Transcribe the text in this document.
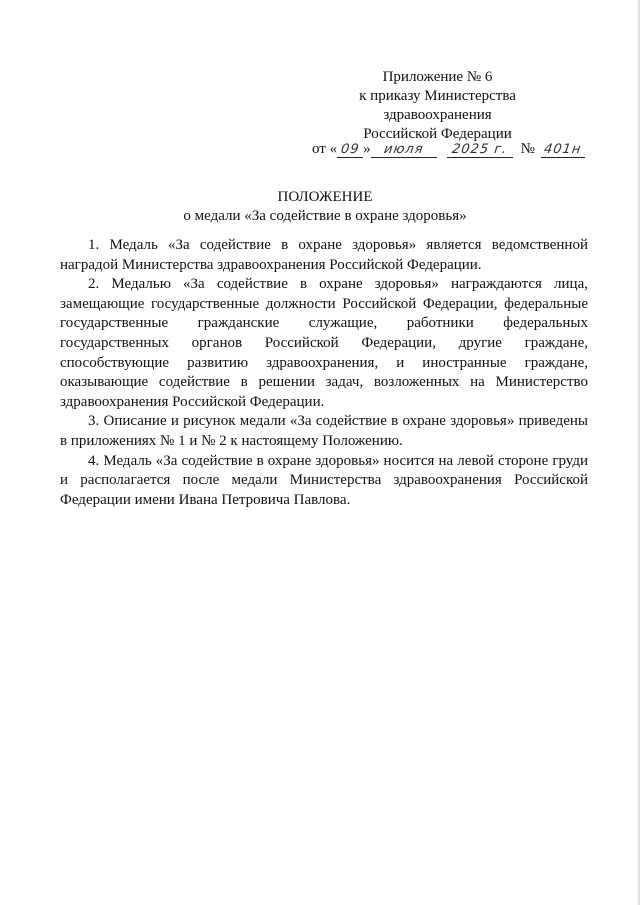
Приложение № 6
к приказу Министерства
здравоохранения
Российской Федерации
от « 09 » июля 2025 г. № 401н
ПОЛОЖЕНИЕ
о медали «За содействие в охране здоровья»

1. Медаль «За содействие в охране здоровья» является ведомственной наградой Министерства здравоохранения Российской Федерации.

2. Медалью «За содействие в охране здоровья» награждаются лица, замещающие государственные должности Российской Федерации, федеральные государственные гражданские служащие, работники федеральных государственных органов Российской Федерации, другие граждане, способствующие развитию здравоохранения, и иностранные граждане, оказывающие содействие в решении задач, возложенных на Министерство здравоохранения Российской Федерации.

3. Описание и рисунок медали «За содействие в охране здоровья» приведены в приложениях № 1 и № 2 к настоящему Положению.

4. Медаль «За содействие в охране здоровья» носится на левой стороне груди и располагается после медали Министерства здравоохранения Российской Федерации имени Ивана Петровича Павлова.
